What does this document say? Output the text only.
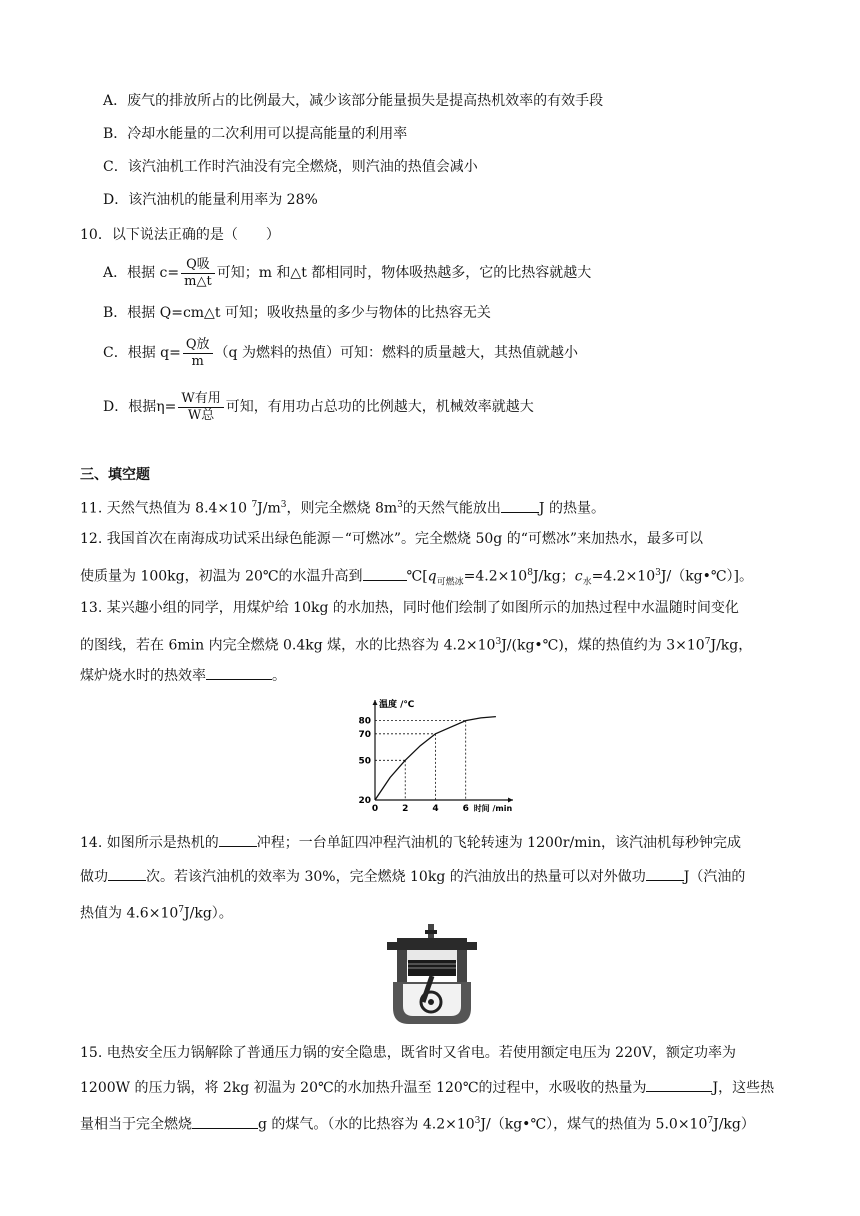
A．废气的排放所占的比例最大，减少该部分能量损失是提高热机效率的有效手段
B．冷却水能量的二次利用可以提高能量的利用率
C．该汽油机工作时汽油没有完全燃烧，则汽油的热值会减小
D．该汽油机的能量利用率为 28%
10．以下说法正确的是（　　）
A．根据 $c= \frac{\text{Q吸}}{m\triangle t}$ 可知；m 和△t 都相同时，物体吸热越多，它的比热容就越大
B．根据 Q=cm△t 可知；吸收热量的多少与物体的比热容无关
C．根据 $q= \frac{\text{Q放}}{m} (q$ 为燃料的热值）可知：燃料的质量越大，其热值就越小
D．根据$\eta= \frac{\text{W有用}}{\text{W总}}$ 可知，有用功占总功的比例越大，机械效率就越大
三、填空题
11. 天然气热值为 8.4×10 $^7J/m^3$，则完全燃烧 $8m^3$的天然气能放出	J 的热量。
12. 我国首次在南海成功试采出绿色能源－“可燃冰”。完全燃烧 50g 的“可燃冰”来加热水，最多可以
使质量为 100kg，初温为 20℃的水温升高到	$℃[q_{可燃冰}=4.2\times 10^8J/kg$；$c_水=4.2\times 10^3J/(kg•℃)$]。
13. 某兴趣小组的同学，用煤炉给 10kg 的水加热，同时他们绘制了如图所示的加热过程中水温随时间变化
的图线，若在 6min 内完全燃烧 0.4kg 煤，水的比热容为 $4.2\times 10^3J/(kg•℃)$，煤的热值约为 $3\times 10^7J/kg$，
煤炉烧水时的热效率	。
0	2	4	6
20
50
70
80
温度 /℃
时间 /min
14. 如图所示是热机的	冲程；一台单缸四冲程汽油机的飞轮转速为 1200r/min，该汽油机每秒钟完成
做功	次。若该汽油机的效率为 30%，完全燃烧 10kg 的汽油放出的热量可以对外做功	J（汽油的
热值为 $4.6\times 10^7J/kg$）。
15. 电热安全压力锅解除了普通压力锅的安全隐患，既省时又省电。若使用额定电压为 220V，额定功率为
1200W 的压力锅，将 2kg 初温为 20℃的水加热升温至 120℃的过程中，水吸收的热量为	J，这些热
量相当于完全燃烧	g 的煤气。（水的比热容为 $4.2\times 10^3J/(kg•℃)$，煤气的热值为 $5.0\times 10^7J/kg$）
